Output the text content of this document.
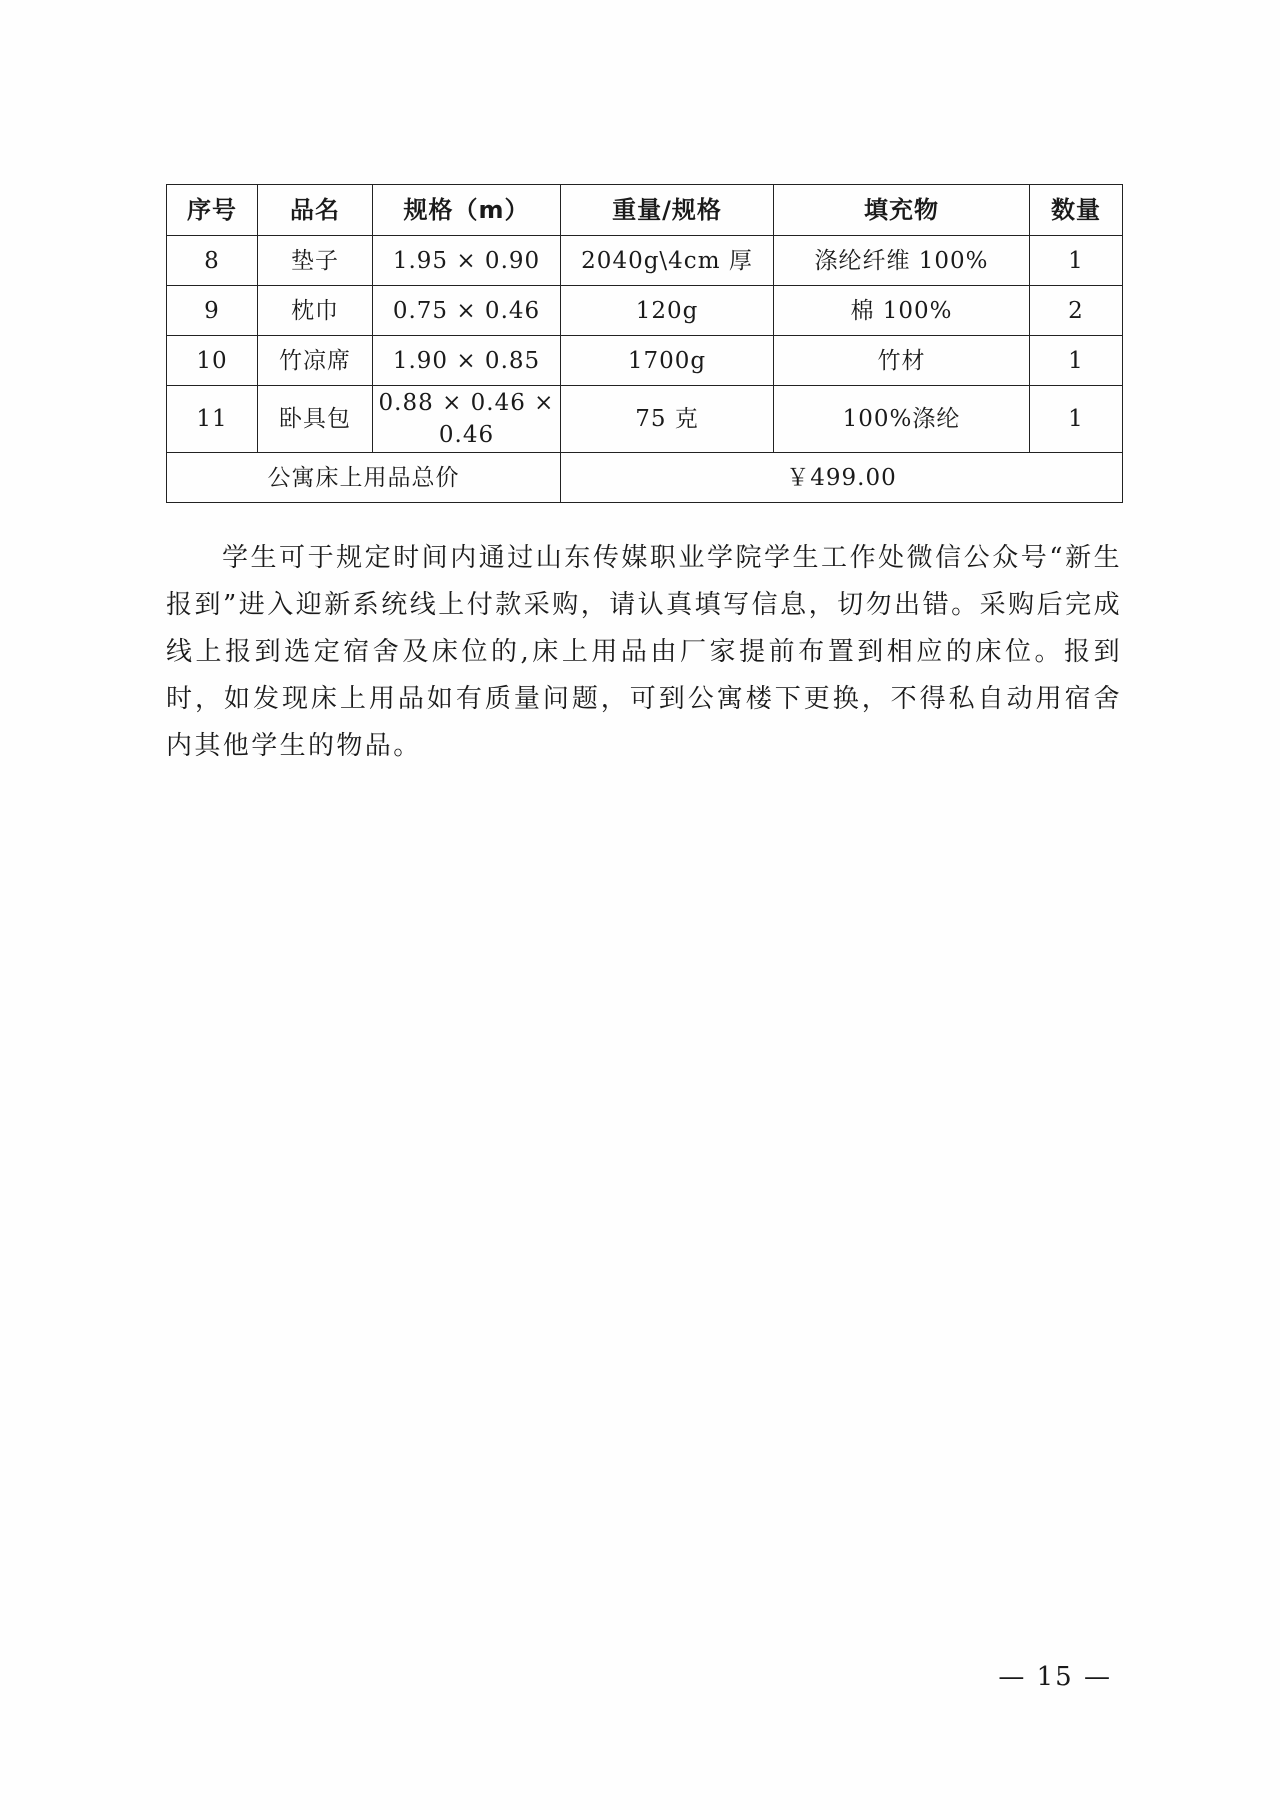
序号	品名	规格（m）	重量/规格	填充物	数量
8	垫子	1.95 × 0.90	2040g\4cm 厚	涤纶纤维 100%	1
9	枕巾	0.75 × 0.46	120g	棉 100%	2
10	竹凉席	1.90 × 0.85	1700g	竹材	1
11	卧具包	0.88 × 0.46 × 0.46	75 克	100%涤纶	1
公寓床上用品总价			￥499.00		

学生可于规定时间内通过山东传媒职业学院学生工作处微信公众号“新生报到”进入迎新系统线上付款采购，请认真填写信息，切勿出错。采购后完成线上报到选定宿舍及床位的,床上用品由厂家提前布置到相应的床位。报到时，如发现床上用品如有质量问题，可到公寓楼下更换，不得私自动用宿舍内其他学生的物品。

— 15 —
